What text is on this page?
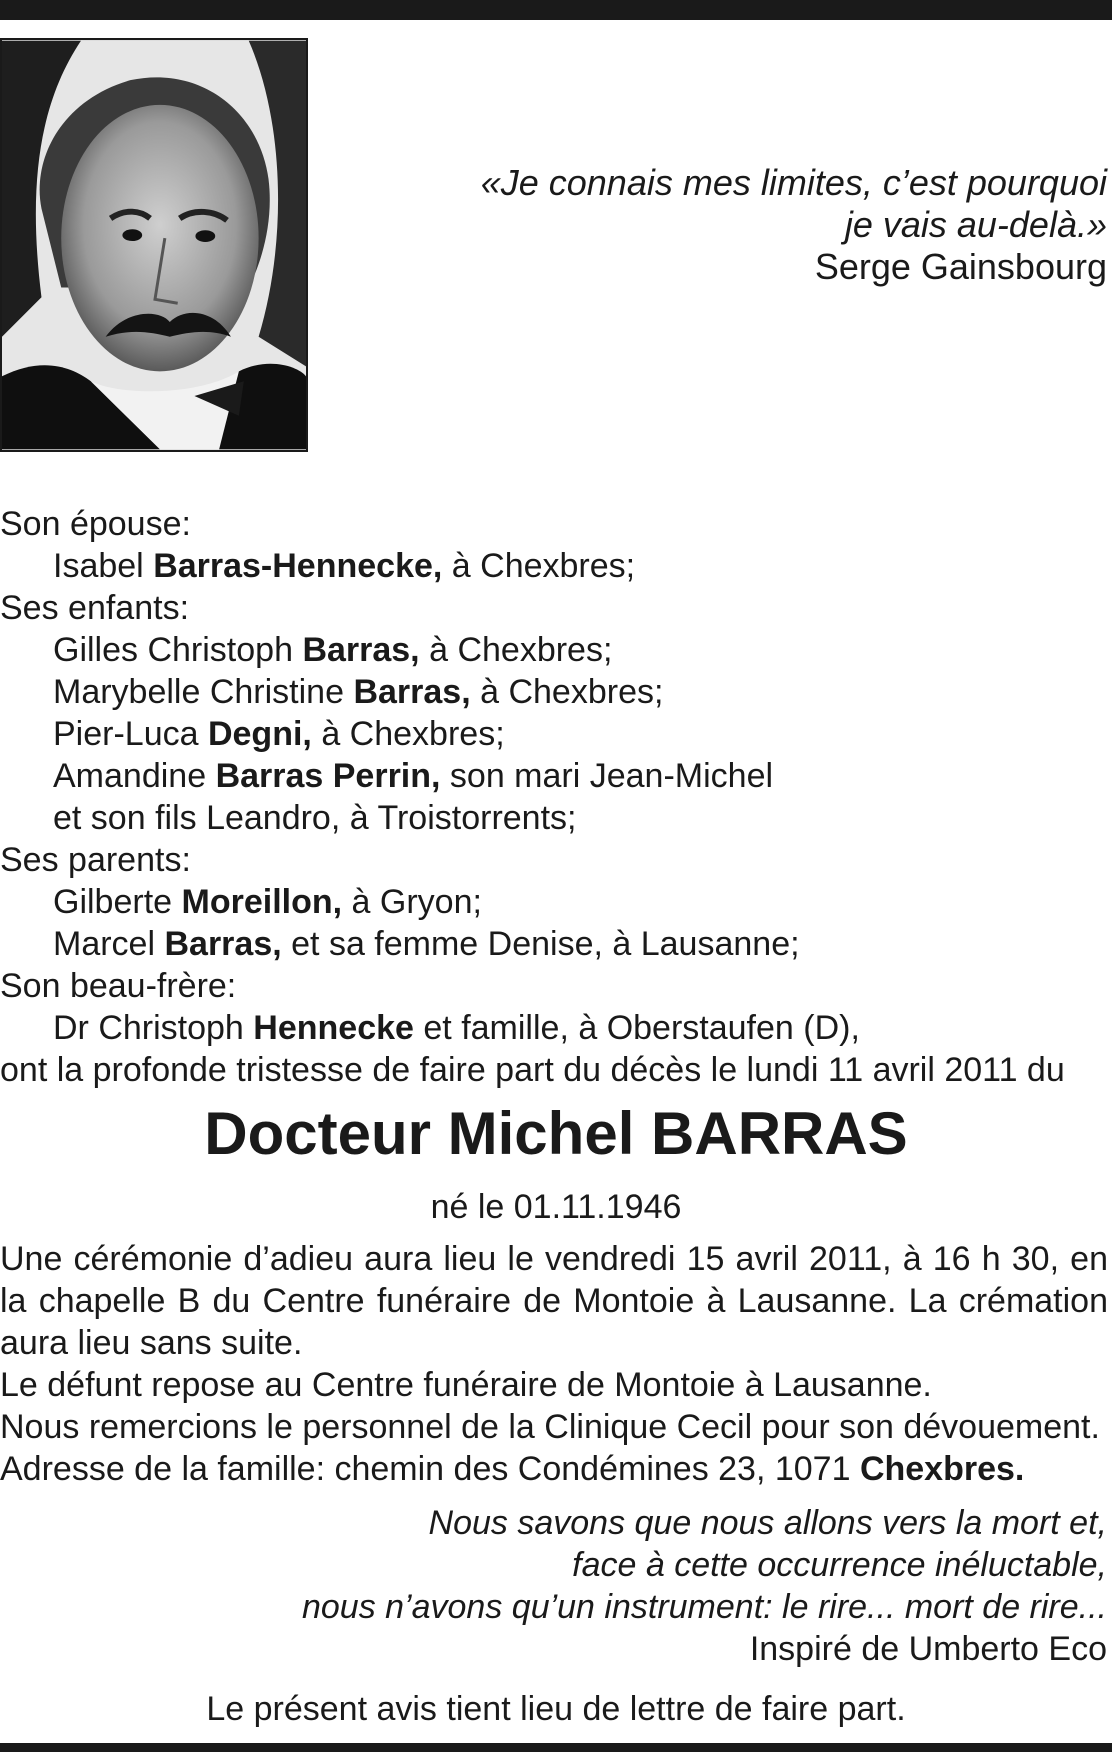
«Je connais mes limites, c’est pourquoi
je vais au-delà.»
Serge Gainsbourg

Son épouse:

Isabel Barras-Hennecke, à Chexbres;

Ses enfants:

Gilles Christoph Barras, à Chexbres;

Marybelle Christine Barras, à Chexbres;

Pier-Luca Degni, à Chexbres;

Amandine Barras Perrin, son mari Jean-Michel

et son fils Leandro, à Troistorrents;

Ses parents:

Gilberte Moreillon, à Gryon;

Marcel Barras, et sa femme Denise, à Lausanne;

Son beau-frère:

Dr Christoph Hennecke et famille, à Oberstaufen (D),

ont la profonde tristesse de faire part du décès le lundi 11 avril 2011 du

Docteur Michel BARRAS
né le 01.11.1946

Une cérémonie d’adieu aura lieu le vendredi 15 avril 2011, à 16 h 30, en la chapelle B du Centre funéraire de Montoie à Lausanne. La crémation aura lieu sans suite.

Le défunt repose au Centre funéraire de Montoie à Lausanne.

Nous remercions le personnel de la Clinique Cecil pour son dévouement.

Adresse de la famille: chemin des Condémines 23, 1071 Chexbres.

Nous savons que nous allons vers la mort et,

face à cette occurrence inéluctable,

nous n’avons qu’un instrument: le rire... mort de rire...

Inspiré de Umberto Eco

Le présent avis tient lieu de lettre de faire part.
